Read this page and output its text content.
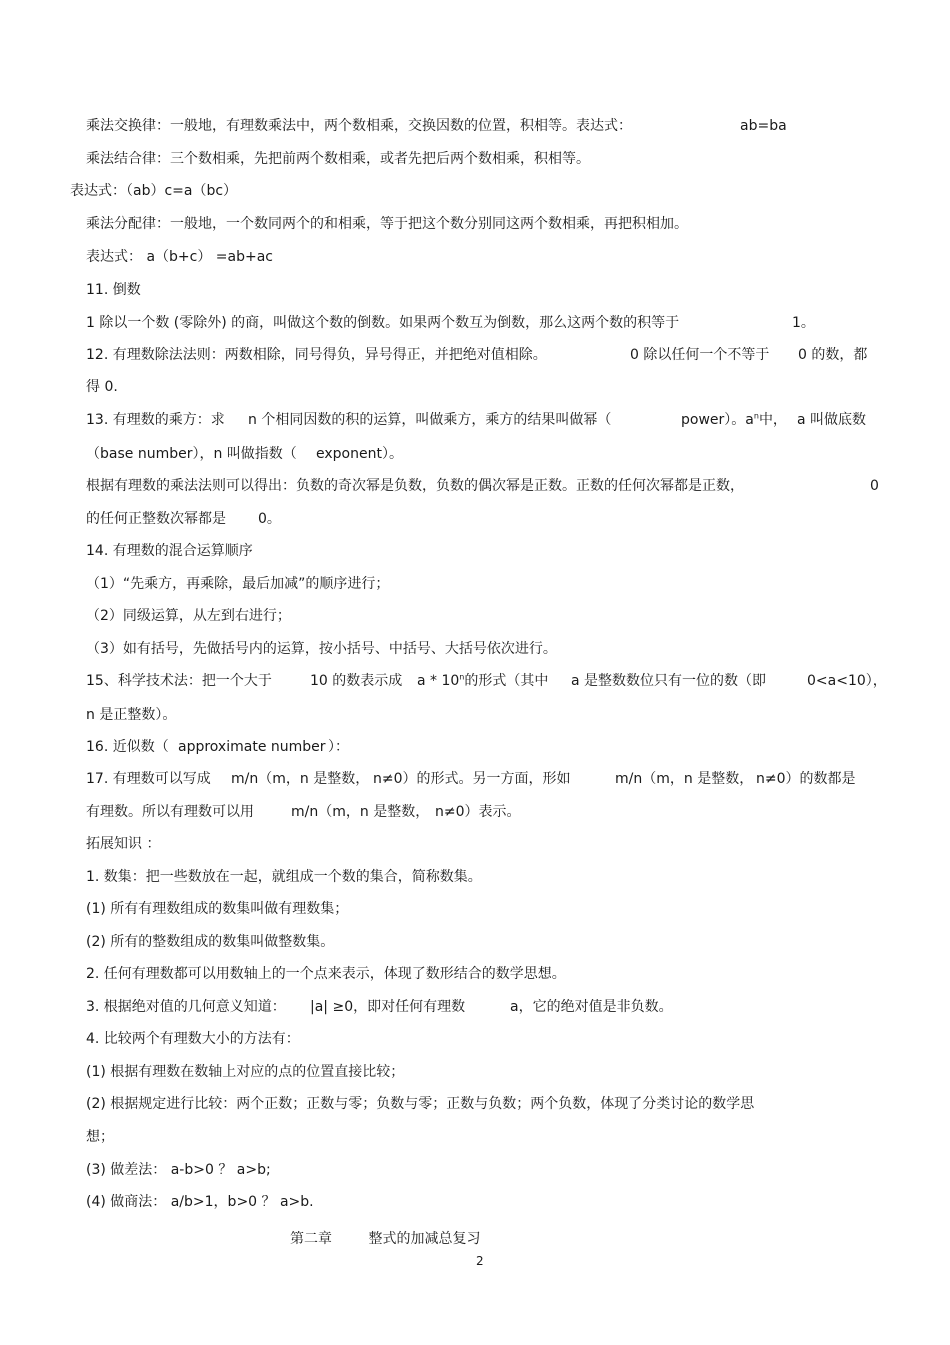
乘法交换律：一般地，有理数乘法中，两个数相乘，交换因数的位置，积相等。表达式：	ab=ba
乘法结合律：三个数相乘，先把前两个数相乘，或者先把后两个数相乘，积相等。
表达式：（ab）c=a（bc）
乘法分配律：一般地，一个数同两个的和相乘，等于把这个数分别同这两个数相乘，再把积相加。
表达式： a（b+c） =ab+ac
11. 倒数
1 除以一个数 (零除外) 的商，叫做这个数的倒数。如果两个数互为倒数，那么这两个数的积等于	1。
12. 有理数除法法则：两数相除，同号得负，异号得正，并把绝对值相除。	0 除以任何一个不等于 0 的数，都
得 0.
13. 有理数的乘方：求 n 个相同因数的积的运算，叫做乘方，乘方的结果叫做幂（	power）。$a^n$中， a 叫做底数
（base number），n 叫做指数（ exponent）。
根据有理数的乘法法则可以得出：负数的奇次幂是负数，负数的偶次幂是正数。正数的任何次幂都是正数，	0
的任何正整数次幂都是 0。
14. 有理数的混合运算顺序
（1）“先乘方，再乘除，最后加减”的顺序进行；
（2）同级运算，从左到右进行；
（3）如有括号，先做括号内的运算，按小括号、中括号、大括号依次进行。
15、科学技术法：把一个大于	10 的数表示成 a * 10$^n$的形式（其中 a 是整数数位只有一位的数（即	0<a<10），
n 是正整数）。
16. 近似数（ approximate number ）：
17. 有理数可以写成 m/n（m，n 是整数， n≠0）的形式。另一方面，形如	m/n（m，n 是整数， n≠0）的数都是
有理数。所以有理数可以用	m/n（m，n 是整数， n≠0）表示。
拓展知识 ：
1. 数集：把一些数放在一起，就组成一个数的集合，简称数集。
(1) 所有有理数组成的数集叫做有理数集；
(2) 所有的整数组成的数集叫做整数集。
2. 任何有理数都可以用数轴上的一个点来表示，体现了数形结合的数学思想。
3. 根据绝对值的几何意义知道： |a| ≥0，即对任何有理数	a，它的绝对值是非负数。
4. 比较两个有理数大小的方法有：
(1) 根据有理数在数轴上对应的点的位置直接比较；
(2) 根据规定进行比较：两个正数；正数与零；负数与零；正数与负数；两个负数，体现了分类讨论的数学思
想；
(3) 做差法： a-b>0 ？ a>b;
(4) 做商法： a/b>1，b>0 ？ a>b.
第二章	整式的加减总复习
2
